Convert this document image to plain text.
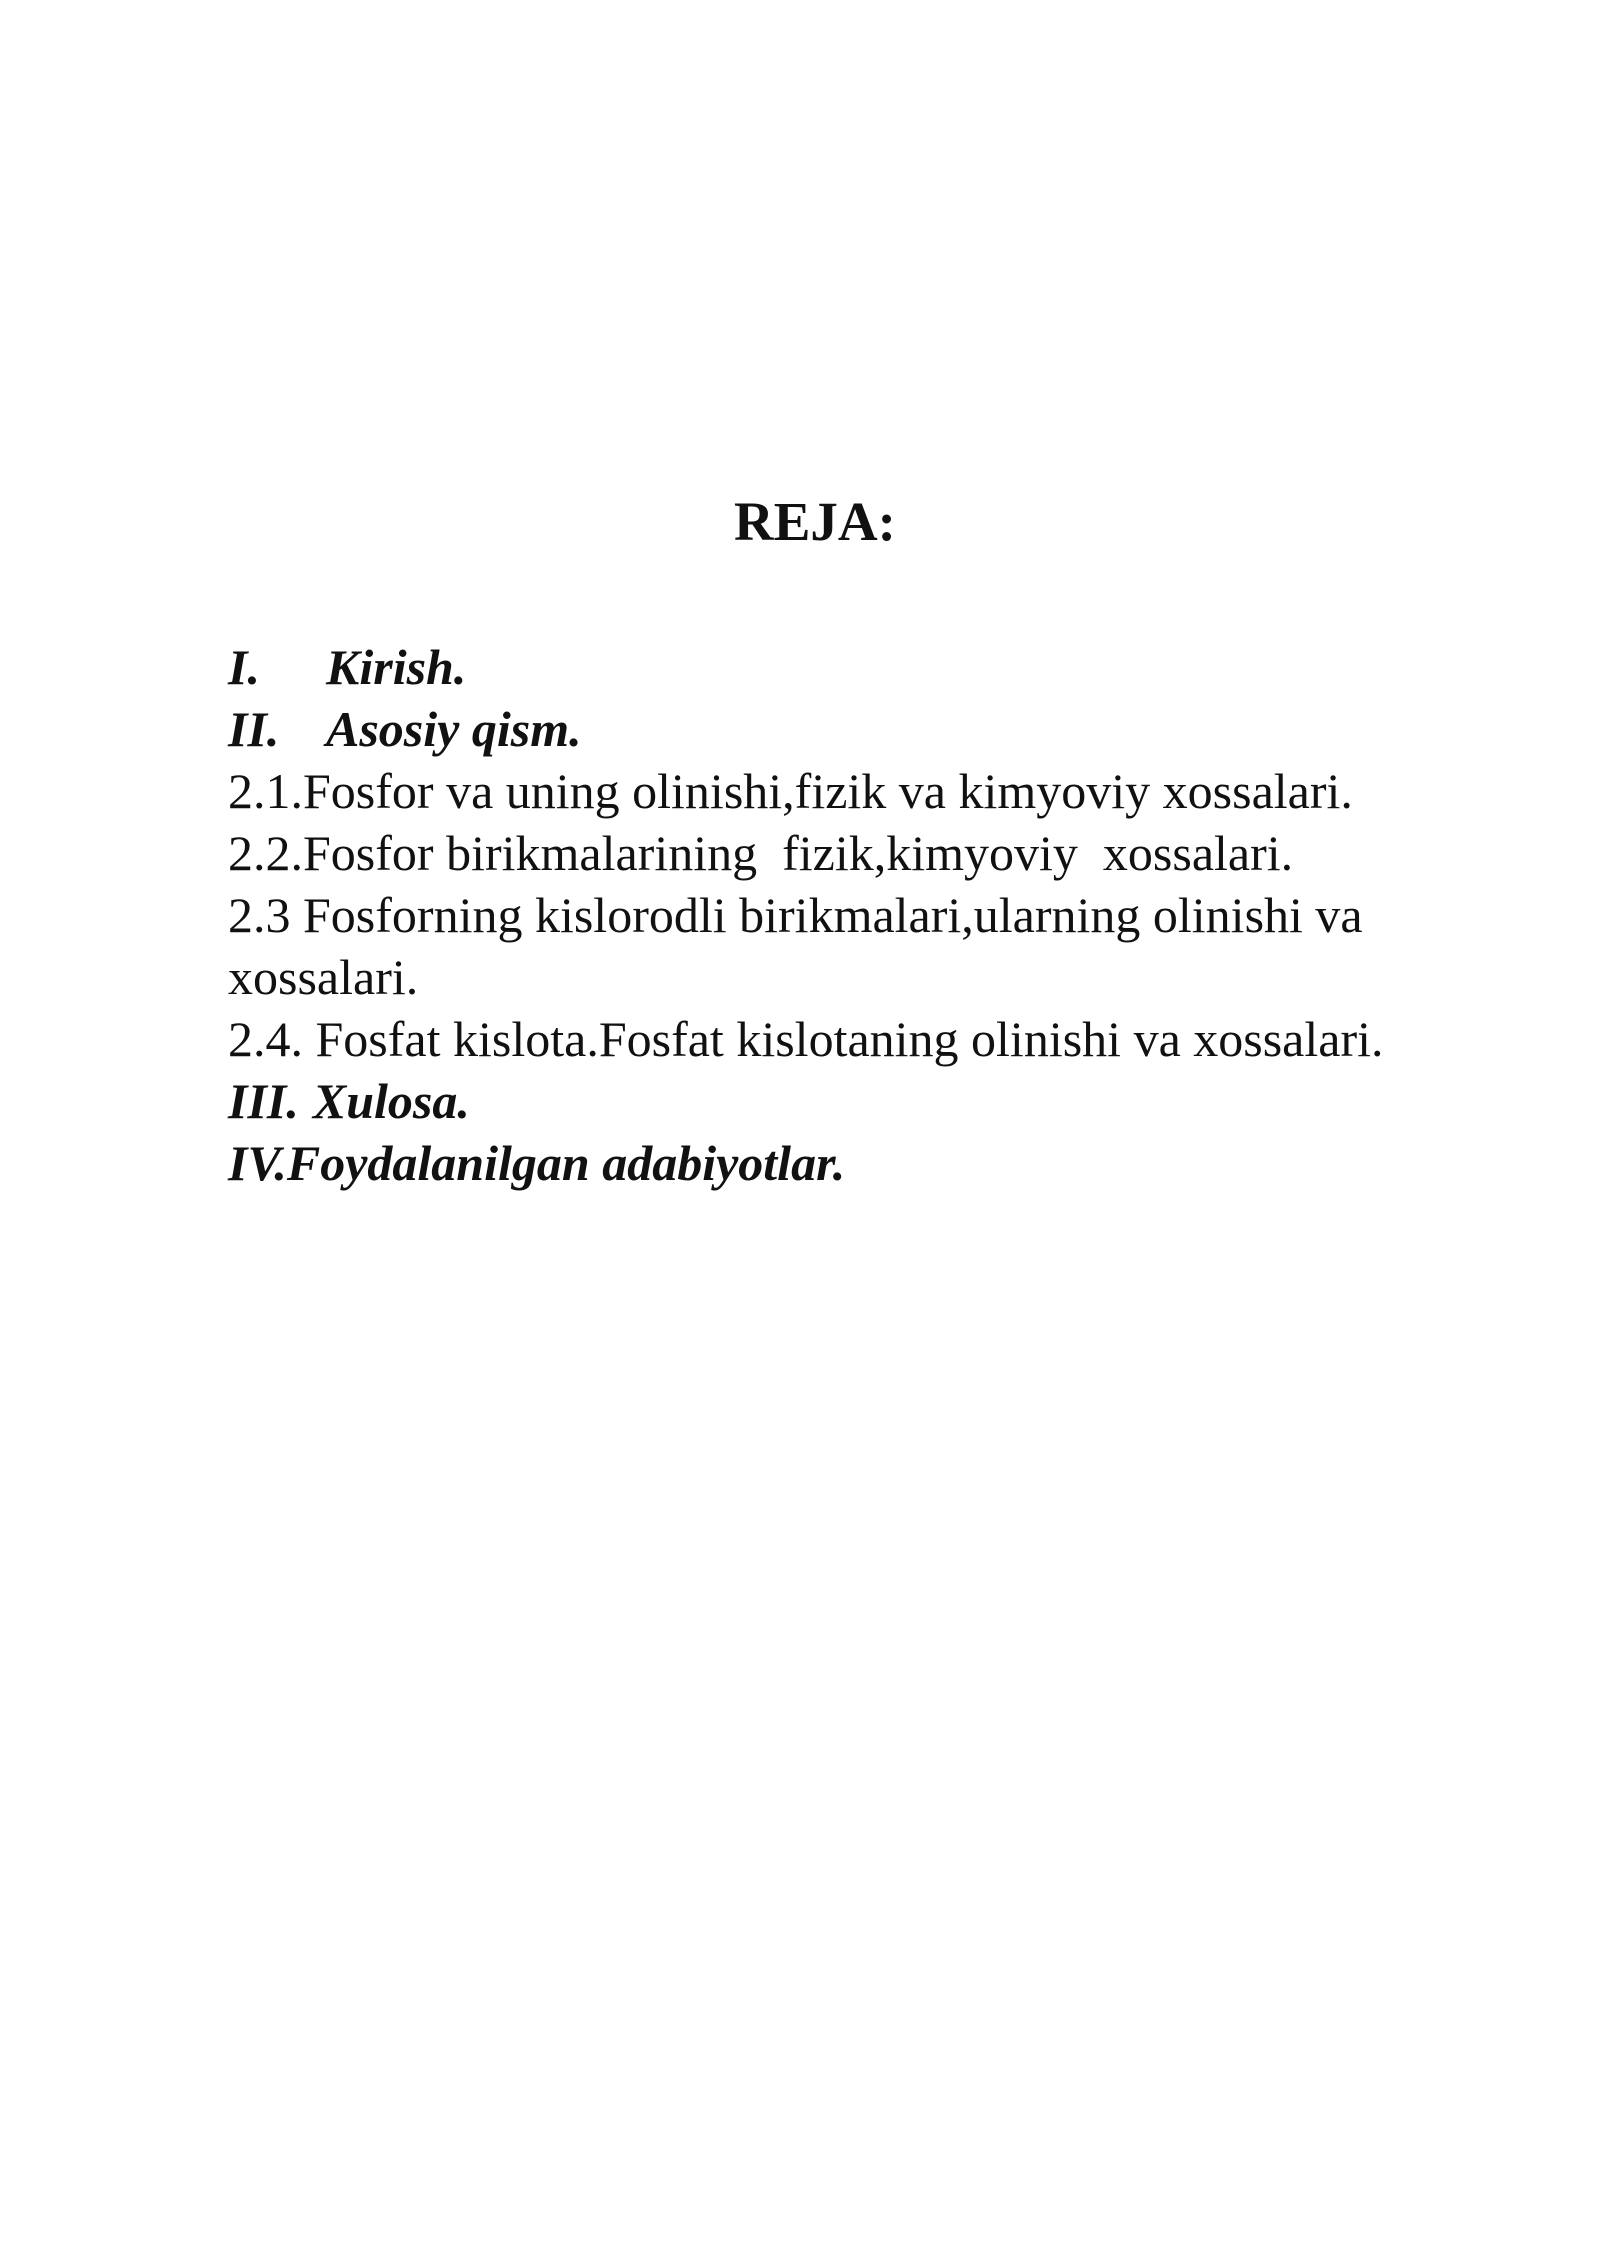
REJA:
I. Kirish.
II. Asosiy qism.
2.1.Fosfor va uning olinishi,fizik va kimyoviy xossalari.
2.2.Fosfor birikmalarining  fizik,kimyoviy  xossalari.
2.3 Fosforning kislorodli birikmalari,ularning olinishi va xossalari.
2.4. Fosfat kislota.Fosfat kislotaning olinishi va xossalari.
III. Xulosa.
IV.Foydalanilgan adabiyotlar.
